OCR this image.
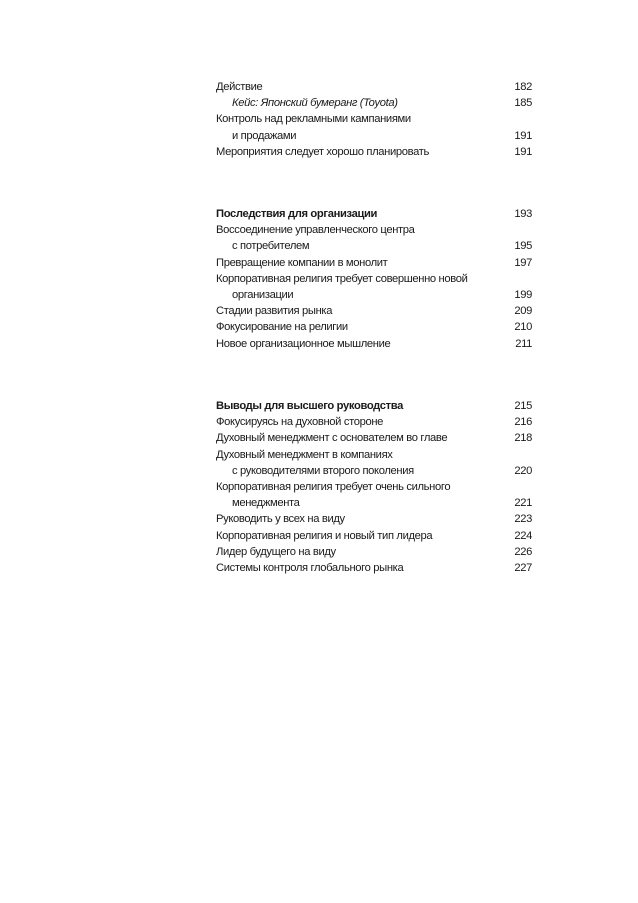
Действие	182
Кейс: Японский бумеранг (Toyota)	185
Контроль над рекламными кампаниями
и продажами	191
Мероприятия следует хорошо планировать	191
Последствия для организации	193
Воссоединение управленческого центра
с потребителем	195
Превращение компании в монолит	197
Корпоративная религия требует совершенно новой
организации	199
Стадии развития рынка	209
Фокусирование на религии	210
Новое организационное мышление	211
Выводы для высшего руководства	215
Фокусируясь на духовной стороне	216
Духовный менеджмент с основателем во главе	218
Духовный менеджмент в компаниях
с руководителями второго поколения	220
Корпоративная религия требует очень сильного
менеджмента	221
Руководить у всех на виду	223
Корпоративная религия и новый тип лидера	224
Лидер будущего на виду	226
Системы контроля глобального рынка	227
